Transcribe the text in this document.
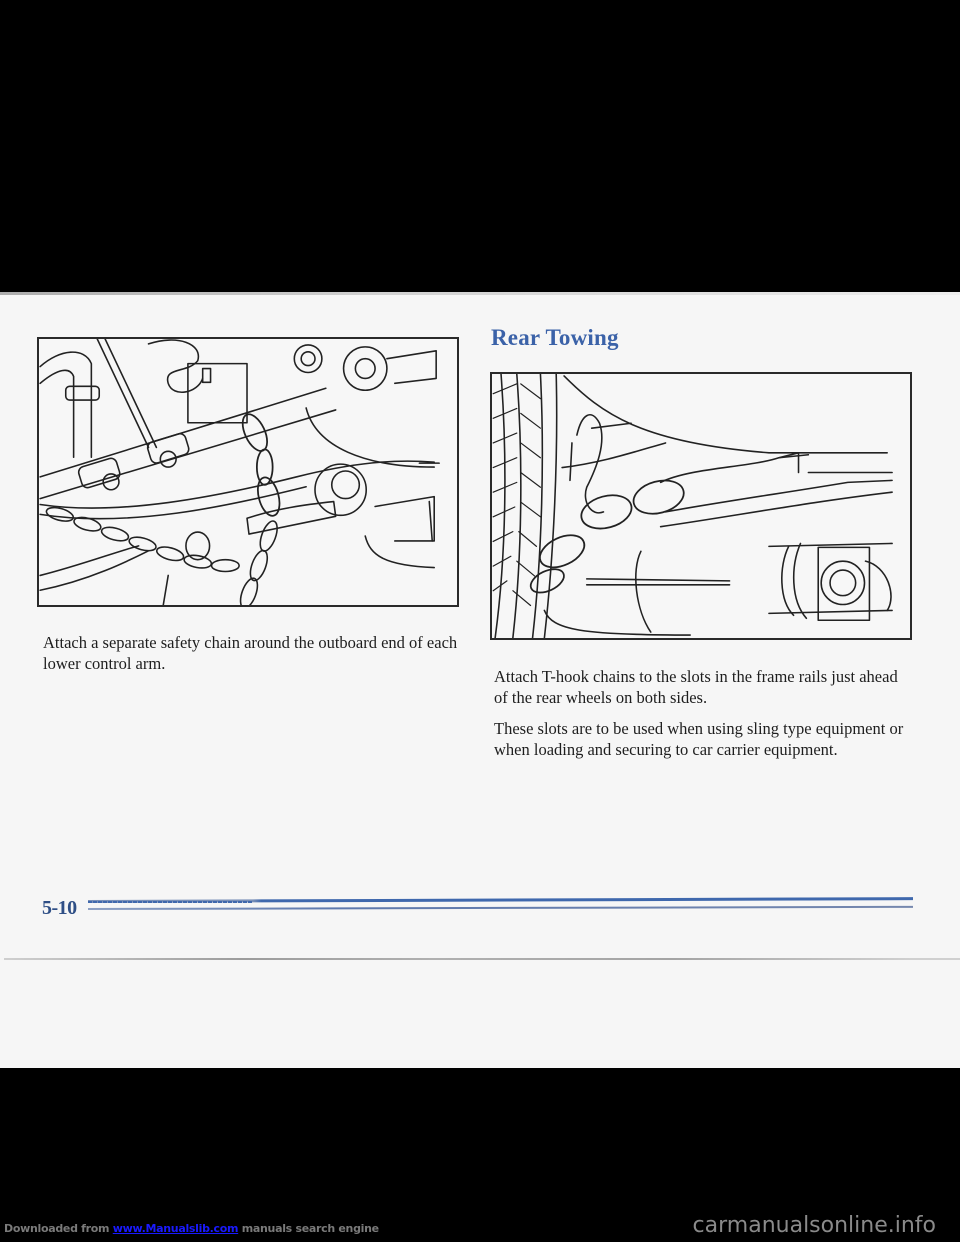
Attach a separate safety chain around the outboard end of each lower control arm.

Rear Towing

Attach T-hook chains to the slots in the frame rails just ahead of the rear wheels on both sides.

These slots are to be used when using sling type equipment or when loading and securing to car carrier equipment.

5-10
Downloaded from www.Manualslib.com manuals search engine	carmanualsonline.info
